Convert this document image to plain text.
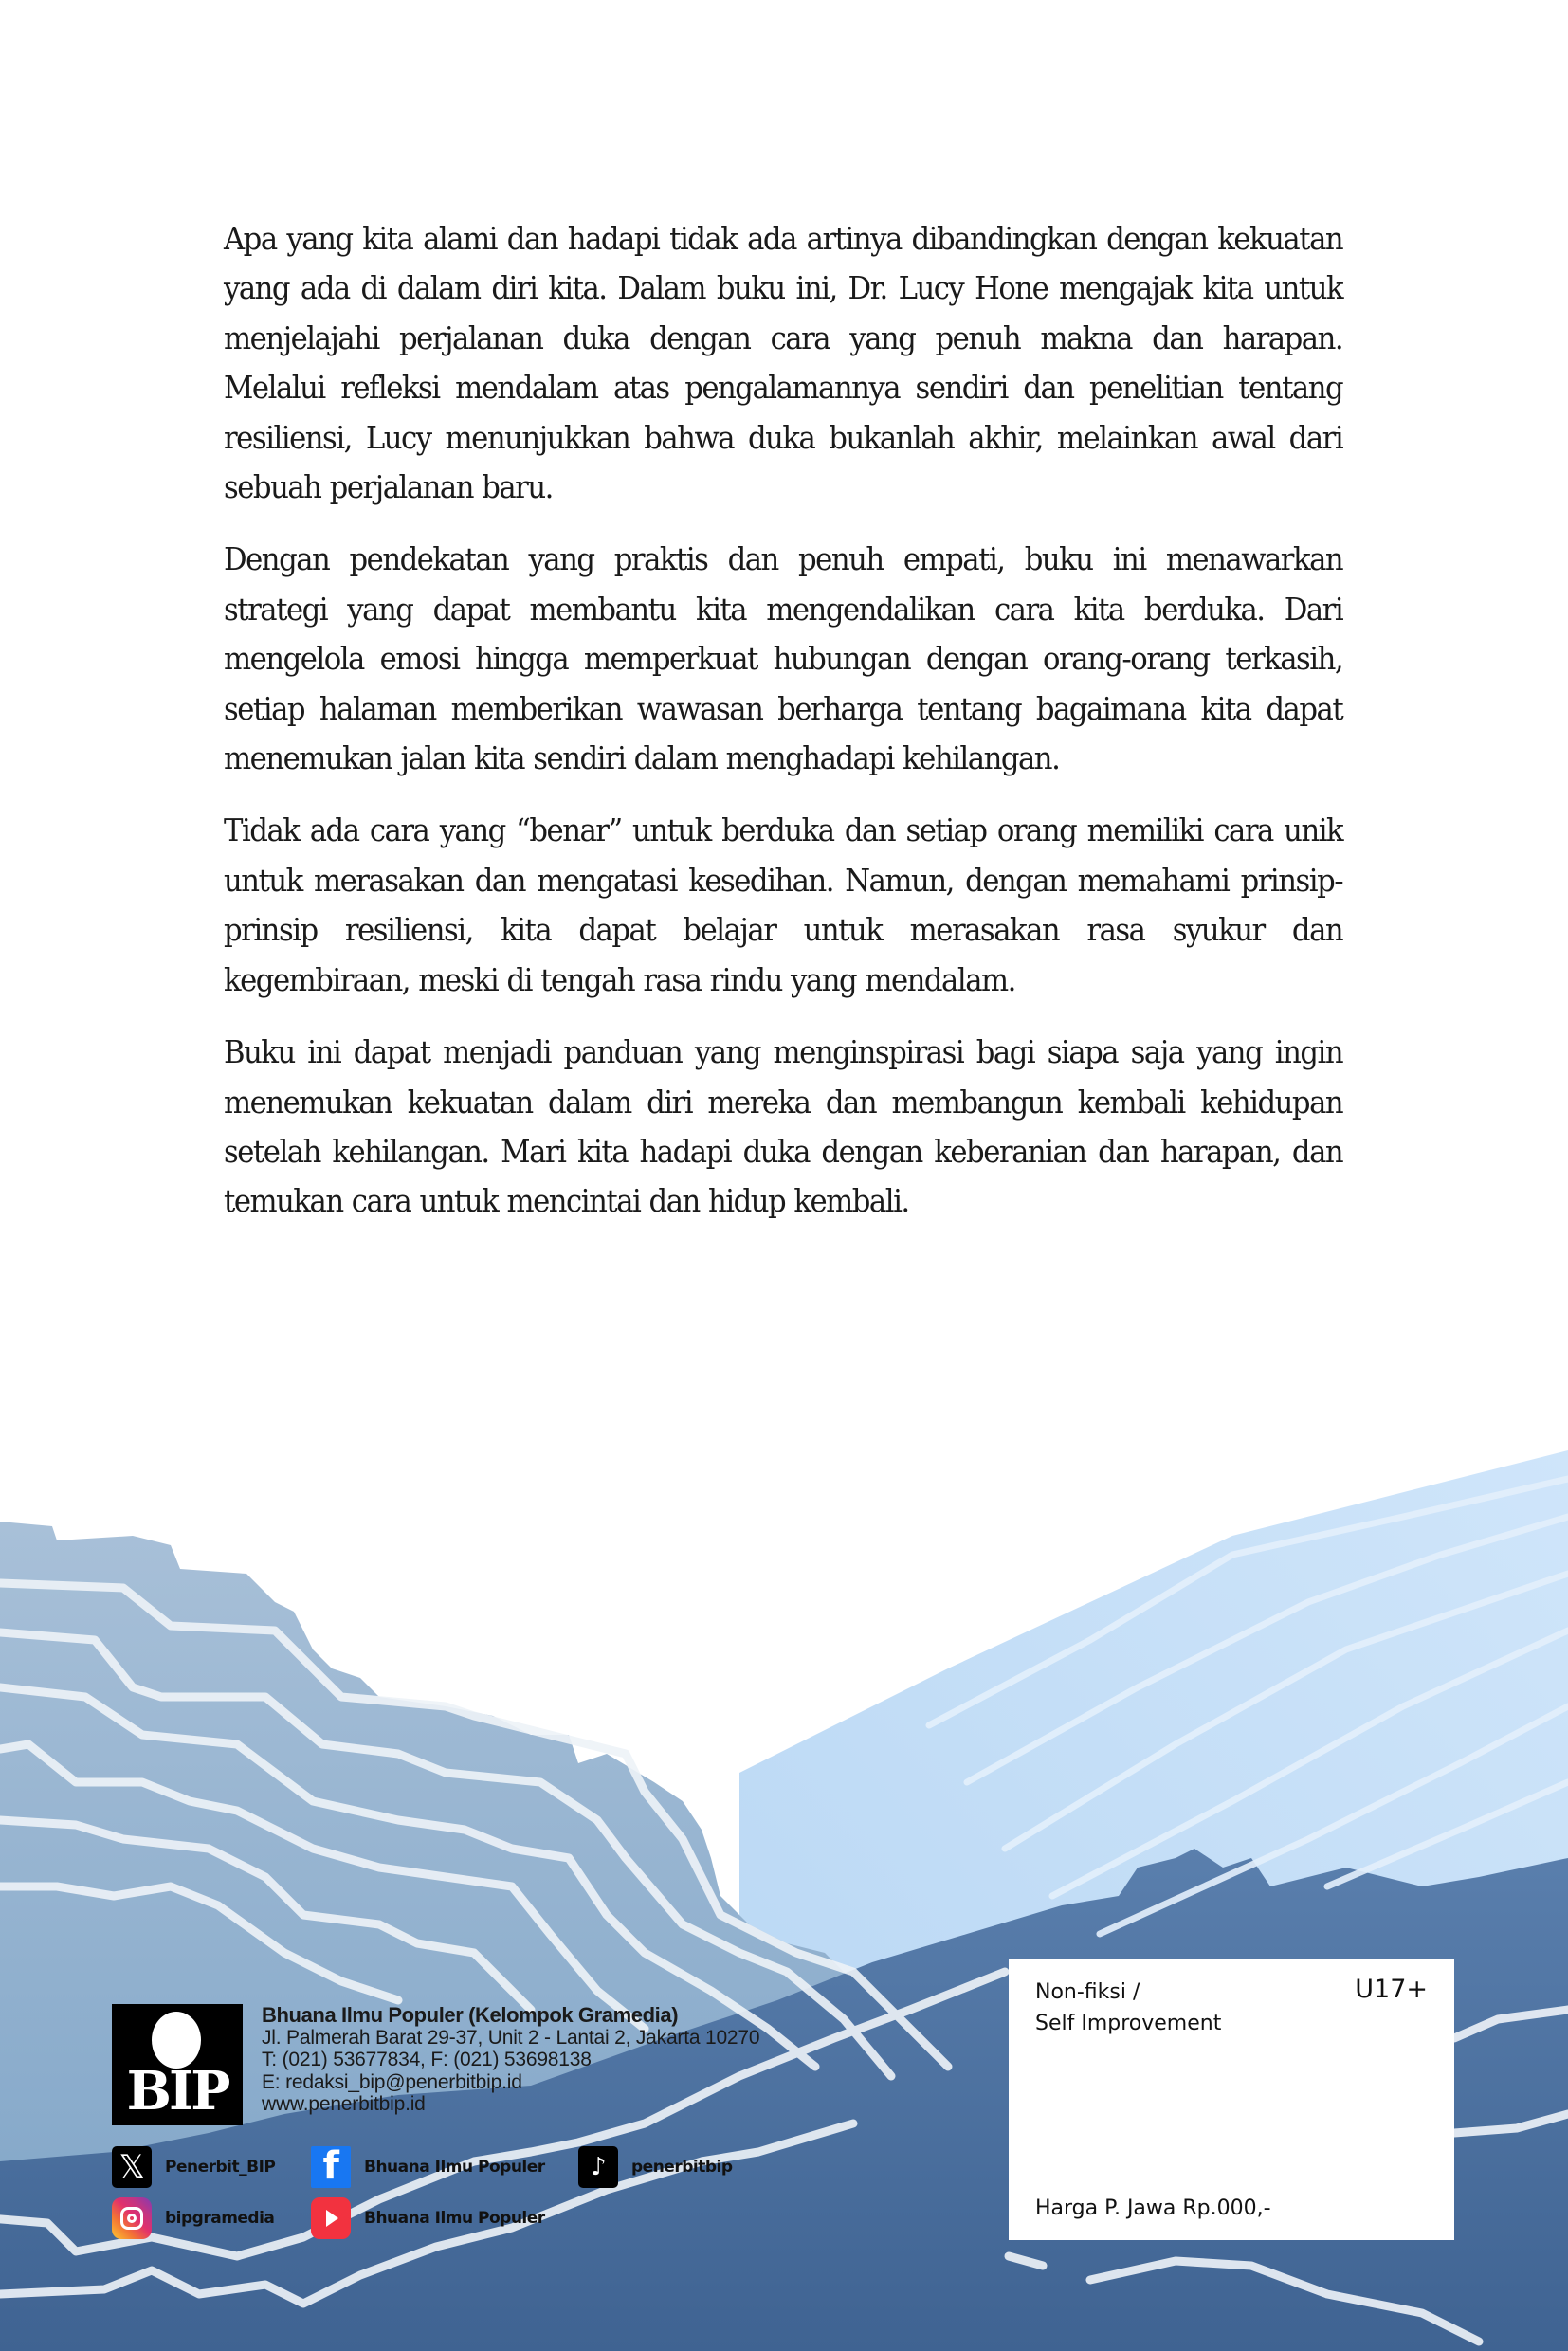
Apa yang kita alami dan hadapi tidak ada artinya dibandingkan dengan kekuatan yang ada di dalam diri kita. Dalam buku ini, Dr. Lucy Hone mengajak kita untuk menjelajahi perjalanan duka dengan cara yang penuh makna dan harapan. Melalui refleksi mendalam atas pengalamannya sendiri dan penelitian tentang resiliensi, Lucy menunjukkan bahwa duka bukanlah akhir, melainkan awal dari sebuah perjalanan baru.

Dengan pendekatan yang praktis dan penuh empati, buku ini menawarkan strategi yang dapat membantu kita mengendalikan cara kita berduka. Dari mengelola emosi hingga memperkuat hubungan dengan orang-orang terkasih, setiap halaman memberikan wawasan berharga tentang bagaimana kita dapat menemukan jalan kita sendiri dalam menghadapi kehilangan.

Tidak ada cara yang “benar” untuk berduka dan setiap orang memiliki cara unik untuk merasakan dan mengatasi kesedihan. Namun, dengan memahami prinsip-prinsip resiliensi, kita dapat belajar untuk merasakan rasa syukur dan kegembiraan, meski di tengah rasa rindu yang mendalam.

Buku ini dapat menjadi panduan yang menginspirasi bagi siapa saja yang ingin menemukan kekuatan dalam diri mereka dan membangun kembali kehidupan setelah kehilangan. Mari kita hadapi duka dengan keberanian dan harapan, dan temukan cara untuk mencintai dan hidup kembali.

BIP
Bhuana Ilmu Populer (Kelompok Gramedia)
Jl. Palmerah Barat 29-37, Unit 2 - Lantai 2, Jakarta 10270
T: (021) 53677834, F: (021) 53698138
E: redaksi_bip@penerbitbip.id
www.penerbitbip.id
𝕏	Penerbit_BIP	f	Bhuana Ilmu Populer	♪	penerbitbip
bipgramedia	Bhuana Ilmu Populer
Non-fiksi /
Self Improvement
U17+
Harga P. Jawa Rp.000,-
